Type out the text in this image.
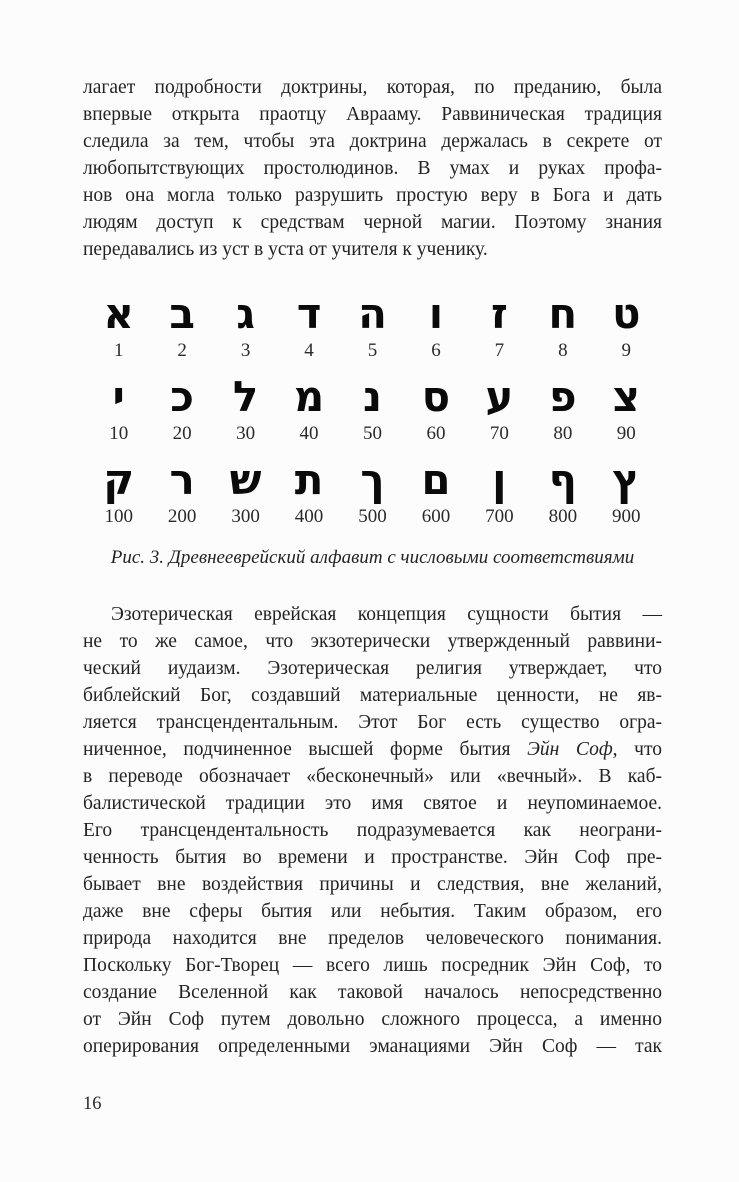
лагает подробности доктрины, которая, по преданию, была
впервые открыта праотцу Аврааму. Раввиническая традиция
следила за тем, чтобы эта доктрина держалась в секрете от
любопытствующих простолюдинов. В умах и руках профа-
нов она могла только разрушить простую веру в Бога и дать
людям доступ к средствам черной магии. Поэтому знания
передавались из уст в уста от учителя к ученику.
א
1
ב
2
ג
3
ד
4
ה
5
ו
6
ז
7
ח
8
ט
9
י
10
כ
20
ל
30
מ
40
נ
50
ס
60
ע
70
פ
80
צ
90
ק
100
ר
200
ש
300
ת
400
ך
500
ם
600
ן
700
ף
800
ץ
900
Рис. 3. Древнееврейский алфавит с числовыми соответствиями
Эзотерическая еврейская концепция сущности бытия —
не то же самое, что экзотерически утвержденный раввини-
ческий иудаизм. Эзотерическая религия утверждает, что
библейский Бог, создавший материальные ценности, не яв-
ляется трансцендентальным. Этот Бог есть существо огра-
ниченное, подчиненное высшей форме бытия Эйн Соф, что
в переводе обозначает «бесконечный» или «вечный». В каб-
балистической традиции это имя святое и неупоминаемое.
Его трансцендентальность подразумевается как неограни-
ченность бытия во времени и пространстве. Эйн Соф пре-
бывает вне воздействия причины и следствия, вне желаний,
даже вне сферы бытия или небытия. Таким образом, его
природа находится вне пределов человеческого понимания.
Поскольку Бог-Творец — всего лишь посредник Эйн Соф, то
создание Вселенной как таковой началось непосредственно
от Эйн Соф путем довольно сложного процесса, а именно
оперирования определенными эманациями Эйн Соф — так
16
